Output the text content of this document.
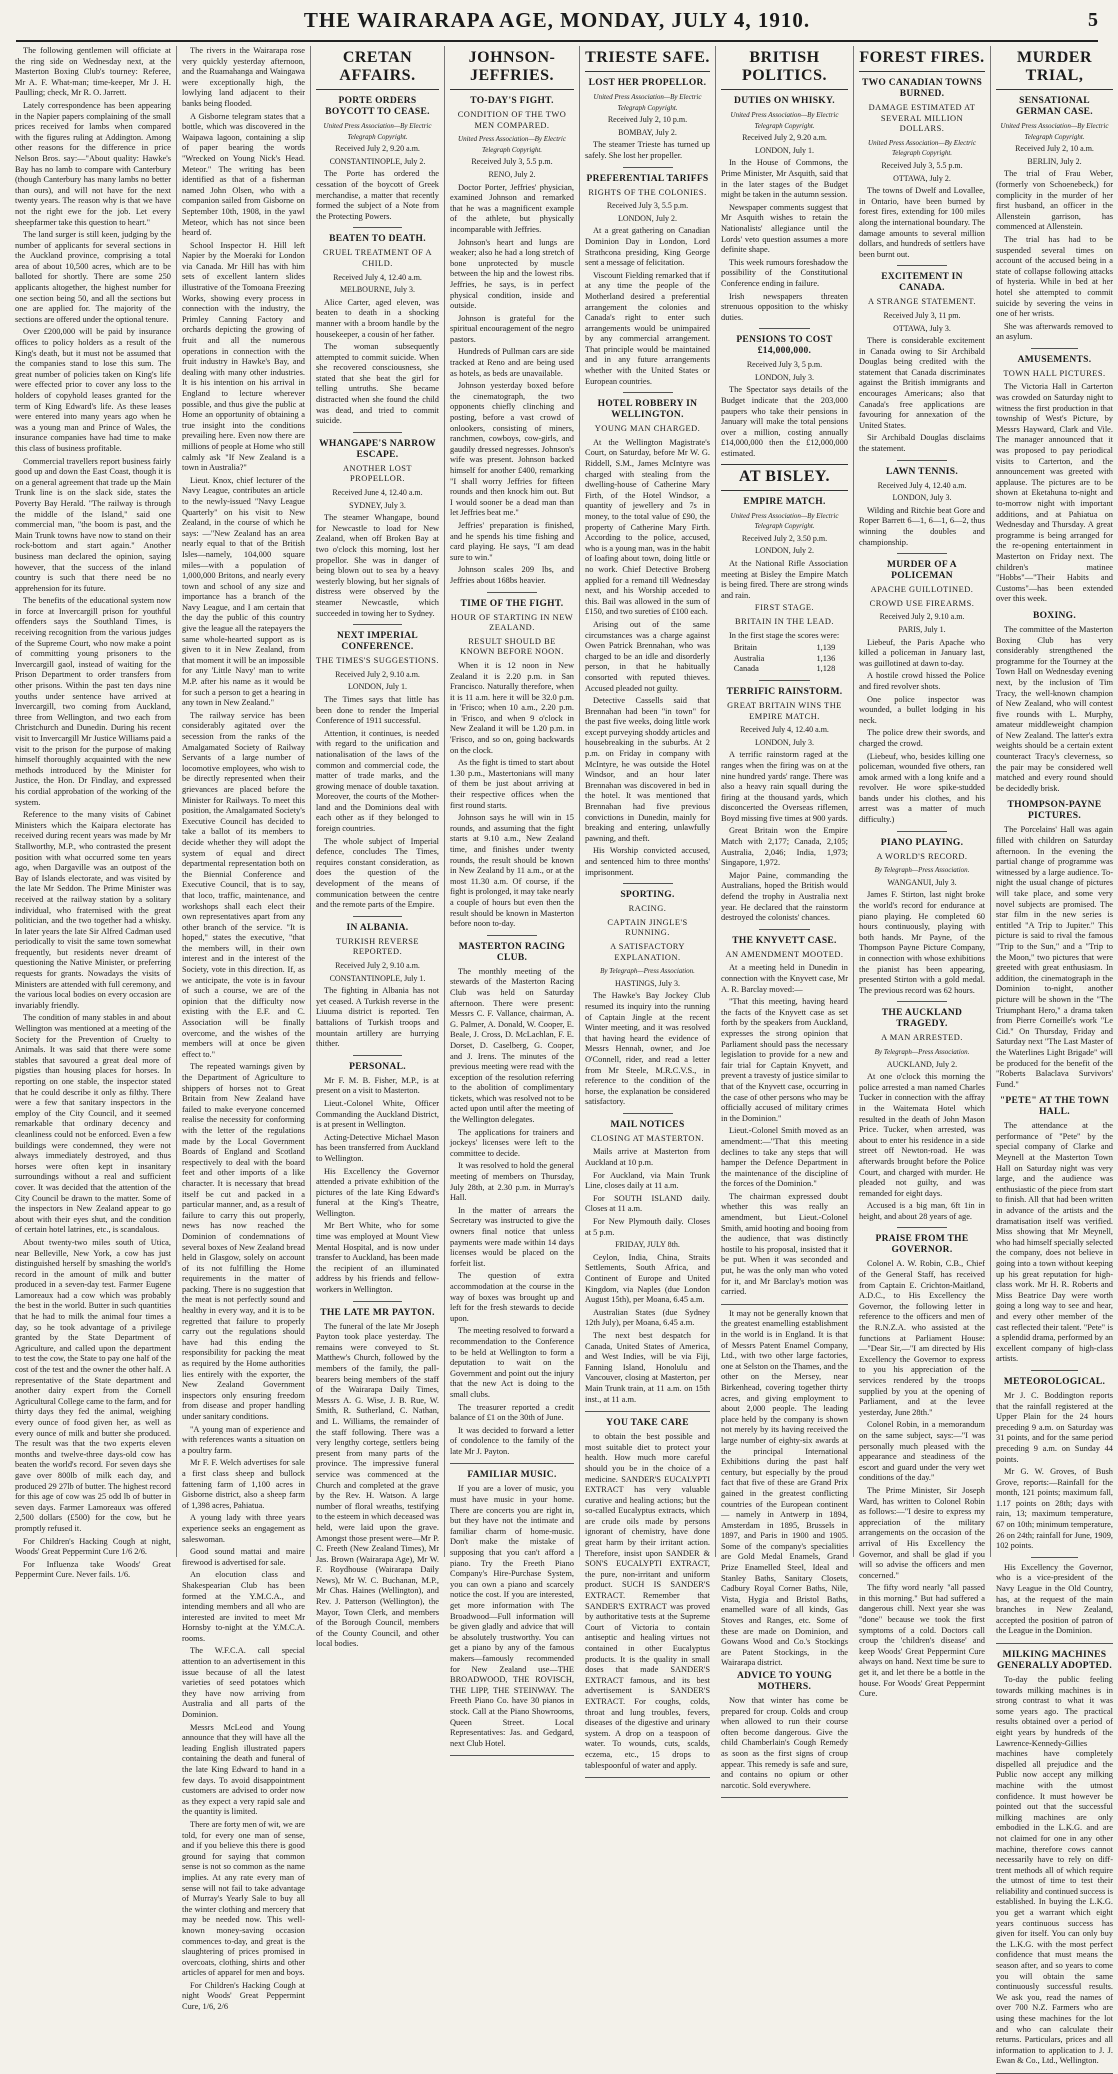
THE WAIRARAPA AGE, MONDAY, JULY 4, 1910.	5

The following gentlemen will officiate at the ring side on Wednesday next, at the Masterton Boxing Club's tourney: Referee, Mr A. F. What-man; time-keeper, Mr J. H. Paulling; check, Mr R. O. Jarrett.

Lately correspondence has been appearing in the Napier papers complaining of the small prices received for lambs when compared with the figures ruling at Addington. Among other reasons for the difference in price Nelson Bros. say:—"About quality: Hawke's Bay has no lamb to compare with Canterbury (though Canterbury has many lambs no better than ours), and will not have for the next twenty years. The reason why is that we have not the right ewe for the job. Let every sheepfarmer take this question to heart."

The land surger is still keen, judging by the number of applicants for several sections in the Auckland province, comprising a total area of about 10,500 acres, which are to be balloted for shortly. There are some 250 applicants altogether, the highest number for one section being 50, and all the sections but one are applied for. The majority of the sections are offered under the optional tenure.

Over £200,000 will be paid by insurance offices to policy holders as a result of the King's death, but it must not be assumed that the companies stand to lose this sum. The great number of policies taken on King's life were effected prior to cover any loss to the holders of copyhold leases granted for the term of King Edward's life. As these leases were entered into many years ago when he was a young man and Prince of Wales, the insurance companies have had time to make this class of business profitable.

Commercial travellers report business fairly good up and down the East Coast, though it is on a general agreement that trade up the Main Trunk line is on the slack side, states the Poverty Bay Herald. "The railway is through the middle of the Island," said one commercial man, "the boom is past, and the Main Trunk towns have now to stand on their rock-bottom and start again." Another business man declared the opinion, saying however, that the success of the inland country is such that there need be no apprehension for its future.

The benefits of the educational system now in force at Invercargill prison for youthful offenders says the Southland Times, is receiving recognition from the various judges of the Supreme Court, who now make a point of committing young prisoners to the Invercargill gaol, instead of waiting for the Prison Department to order transfers from other prisons. Within the past ten days nine youths under sentence have arrived at Invercargill, two coming from Auckland, three from Wellington, and two each from Christchurch and Dunedin. During his recent visit to Invercargill Mr Justice Williams paid a visit to the prison for the purpose of making himself thoroughly acquainted with the new methods introduced by the Minister for Justice, the Hon. Dr Findlay, and expressed his cordial approbation of the working of the system.

Reference to the many visits of Cabinet Ministers which the Kaipara electorate has received during recent years was made by Mr Stallworthy, M.P., who contrasted the present position with what occurred some ten years ago, when Dargaville was an outpost of the Bay of Islands electorate, and was visited by the late Mr Seddon. The Prime Minister was received at the railway station by a solitary individual, who fraternised with the great politician, and the two together had a whisky. In later years the late Sir Alfred Cadman used periodically to visit the same town somewhat frequently, but residents never dreamt of questioning the Native Minister, or preferring requests for grants. Nowadays the visits of Ministers are attended with full ceremony, and the various local bodies on every occasion are invariably friendly.

The condition of many stables in and about Wellington was mentioned at a meeting of the Society for the Prevention of Cruelty to Animals. It was said that there were some stables that savoured a great deal more of pigsties than housing places for horses. In reporting on one stable, the inspector stated that he could describe it only as filthy. There were a few that sanitary inspectors in the employ of the City Council, and it seemed remarkable that ordinary decency and cleanliness could not be enforced. Even a few buildings were condemned, they were not always immediately destroyed, and thus horses were often kept in insanitary surroundings without a real and sufficient cover. It was decided that the attention of the City Council be drawn to the matter. Some of the inspectors in New Zealand appear to go about with their eyes shut, and the condition of certain hotel latrines, etc., is scandalous.

About twenty-two miles south of Utica, near Belleville, New York, a cow has just distinguished herself by smashing the world's record in the amount of milk and butter produced in a seven-day test. Farmer Eugene Lamoreaux had a cow which was probably the best in the world. Butter in such quantities that he had to milk the animal four times a day, so he took advantage of a privilege granted by the State Department of Agriculture, and called upon the department to test the cow, the State to pay one half of the cost of the test and the owner the other half. A representative of the State department and another dairy expert from the Cornell Agricultural College came to the farm, and for thirty days they fed the animal, weighing every ounce of food given her, as well as every ounce of milk and butter she produced. The result was that the two experts eleven months and twelve-three days-old cow has beaten the world's record. For seven days she gave over 800lb of milk each day, and produced 29 27lb of butter. The highest record for this age of cow was 25 odd lb of butter in seven days. Farmer Lamoreaux was offered 2,500 dollars (£500) for the cow, but he promptly refused it.

For Children's Hacking Cough at night, Woods' Great Peppermint Cure 1/6 2/6.

For Influenza take Woods' Great Peppermint Cure. Never fails. 1/6.

The rivers in the Wairarapa rose very quickly yesterday afternoon, and the Ruamahanga and Waingawa were exceptionally high, the lowlying land adjacent to their banks being flooded.

A Gisborne telegram states that a bottle, which was discovered in the Waipawa lagoon, containing a slip of paper bearing the words "Wrecked on Young Nick's Head. Meteor." The writing has been identified as that of a fisherman named John Olsen, who with a companion sailed from Gisborne on September 10th, 1908, in the yawl Meteor, which has not since been heard of.

School Inspector H. Hill left Napier by the Moeraki for London via Canada. Mr Hill has with him sets of excellent lantern slides illustrative of the Tomoana Freezing Works, showing every process in connection with the industry, the Primley Canning Factory and orchards depicting the growing of fruit and all the numerous operations in connection with the fruit industry in Hawke's Bay, and dealing with many other industries. It is his intention on his arrival in England to lecture wherever possible, and thus give the public at Home an opportunity of obtaining a true insight into the conditions prevailing here. Even now there are millions of people at Home who still calmly ask "If New Zealand is a town in Australia?"

Lieut. Knox, chief lecturer of the Navy League, contributes an article to the newly-issued "Navy League Quarterly" on his visit to New Zealand, in the course of which he says: —"New Zealand has an area nearly equal to that of the British Isles—namely, 104,000 square miles—with a population of 1,000,000 Britons, and nearly every town and school of any size and importance has a branch of the Navy League, and I am certain that the day the public of this country give the league all the ratepayers the same whole-hearted support as is given to it in New Zealand, from that moment it will be an impossible for any 'Little Navy' man to write M.P. after his name as it would be for such a person to get a hearing in any town in New Zealand."

The railway service has been considerably agitated over the secession from the ranks of the Amalgamated Society of Railway Servants of a large number of locomotive employees, who wish to be directly represented when their grievances are placed before the Minister for Railways. To meet this position, the Amalgamated Society's Executive Council has decided to take a ballot of its members to decide whether they will adopt the system of equal and direct departmental representation both on the Biennial Conference and Executive Council, that is to say, that loco, traffic, maintenance, and workshops shall each elect their own representatives apart from any other branch of the service. "It is hoped," states the executive, "that the members will, in their own interest and in the interest of the Society, vote in this direction. If, as we anticipate, the vote is in favour of such a course, we are of the opinion that the difficulty now existing with the E.F. and C. Association will be finally overcome, and the wishes of the members will at once be given effect to."

The repeated warnings given by the Department of Agriculture to shippers of horses not to Great Britain from New Zealand have failed to make everyone concerned realise the necessity for conforming with the letter of the regulations made by the Local Government Boards of England and Scotland respectively to deal with the board feet and other imports of a like character. It is necessary that bread itself be cut and packed in a particular manner, and, as a result of failure to carry this out properly, news has now reached the Dominion of condemnations of several boxes of New Zealand bread held in Glasgow, solely on account of its not fulfilling the Home requirements in the matter of packing. There is no suggestion that the meat is not perfectly sound and healthy in every way, and it is to be regretted that failure to properly carry out the regulations should have had this ending the responsibility for packing the meat as required by the Home authorities lies entirely with the exporter, the New Zealand Government inspectors only ensuring freedom from disease and proper handling under sanitary conditions.

"A young man of experience and with references wants a situation on a poultry farm.

Mr F. F. Welch advertises for sale a first class sheep and bullock fattening farm of 1,100 acres in Gisborne district, also a sheep farm of 1,398 acres, Pahiatua.

A young lady with three years experience seeks an engagement as saleswoman.

Good sound mattai and maire firewood is advertised for sale.

An elocution class and Shakespearian Club has been formed at the Y.M.C.A., and intending members and all who are interested are invited to meet Mr Hornsby to-night at the Y.M.C.A. rooms.

The W.F.C.A. call special attention to an advertisement in this issue because of all the latest varieties of seed potatoes which they have now arriving from Australia and all parts of the Dominion.

Messrs McLeod and Young announce that they will have all the leading English illustrated papers containing the death and funeral of the late King Edward to hand in a few days. To avoid disappointment customers are advised to order now as they expect a very rapid sale and the quantity is limited.

There are forty men of wit, we are told, for every one man of sense, and if you believe this there is good ground for saying that common sense is not so common as the name implies. At any rate every man of sense will not fail to take advantage of Murray's Yearly Sale to buy all the winter clothing and mercery that may be needed now. This well-known money-saving occasion commences to-day, and great is the slaughtering of prices promised in overcoats, clothing, shirts and other articles of apparel for men and boys.

For Children's Hacking Cough at night Woods' Great Peppermint Cure, 1/6, 2/6

CRETAN AFFAIRS.
PORTE ORDERS BOYCOTT TO CEASE.

United Press Association—By Electric Telegraph Copyright.

Received July 2, 9.20 a.m.

CONSTANTINOPLE, July 2.

The Porte has ordered the cessation of the boycott of Greek merchandise, a matter that recently formed the subject of a Note from the Protecting Powers.

BEATEN TO DEATH.
CRUEL TREATMENT OF A CHILD.

Received July 4, 12.40 a.m.

MELBOURNE, July 3.

Alice Carter, aged eleven, was beaten to death in a shocking manner with a broom handle by the housekeeper, a cousin of her father.

The woman subsequently attempted to commit suicide. When she recovered consciousness, she stated that she beat the girl for telling untruths. She became distracted when she found the child was dead, and tried to commit suicide.

WHANGAPE'S NARROW ESCAPE.
ANOTHER LOST PROPELLOR.

Received June 4, 12.40 a.m.

SYDNEY, July 3.

The steamer Whangape, bound for Newcastle to load for New Zealand, when off Broken Bay at two o'clock this morning, lost her propellor. She was in danger of being blown out to sea by a heavy westerly blowing, but her signals of distress were observed by the steamer Newcastle, which succeeded in towing her to Sydney.

NEXT IMPERIAL CONFERENCE.
THE TIMES'S SUGGESTIONS.

Received July 2, 9.10 a.m.

LONDON, July 1.

The Times says that little has been done to render the Imperial Conference of 1911 successful.

Attention, it continues, is needed with regard to the unification and nationalisation of the laws of the common and commercial code, the matter of trade marks, and the growing menace of double taxation. Moreover, the courts of the Mother-land and the Dominions deal with each other as if they belonged to foreign countries.

The whole subject of Imperial defence, concludes The Times, requires constant consideration, as does the question of the development of the means of communication between the centre and the remote parts of the Empire.

IN ALBANIA.
TURKISH REVERSE REPORTED.

Received July 2, 9.10 a.m.

CONSTANTINOPLE, July 1.

The fighting in Albania has not yet ceased. A Turkish reverse in the Liuuma district is reported. Ten battalions of Turkish troops and mountain artillery are hurrying thither.

PERSONAL.

Mr F. M. B. Fisher, M.P., is at present on a visit to Masterton.

Lieut.-Colonel White, Officer Commanding the Auckland District, is at present in Wellington.

Acting-Detective Michael Mason has been transferred from Auckland to Wellington.

His Excellency the Governor attended a private exhibition of the pictures of the late King Edward's funeral at the King's Theatre, Wellington.

Mr Bert White, who for some time was employed at Mount View Mental Hospital, and is now under transfer to Auckland, has been made the recipient of an illuminated address by his friends and fellow-workers in Wellington.

THE LATE MR PAYTON.

The funeral of the late Mr Joseph Payton took place yesterday. The remains were conveyed to St. Matthew's Church, followed by the members of the family, the pall-bearers being members of the staff of the Wairarapa Daily Times, Messrs A. G. Wise, J. B. Rue, W. Smith, R. Sutherland, C. Nathan, and L. Williams, the remainder of the staff following. There was a very lengthy cortege, settlers being present from many parts of the province. The impressive funeral service was commenced at the Church and completed at the grave by the Rev. H. Watson. A large number of floral wreaths, testifying to the esteem in which deceased was held, were laid upon the grave. Amongst those present were—Mr P. C. Freeth (New Zealand Times), Mr Jas. Brown (Wairarapa Age), Mr W. F. Roydhouse (Wairarapa Daily News), Mr W. C. Buchanan, M.P., Mr Chas. Haines (Wellington), and Rev. J. Patterson (Wellington), the Mayor, Town Clerk, and members of the Borough Council, members of the County Council, and other local bodies.

JOHNSON-JEFFRIES.
TO-DAY'S FIGHT.
CONDITION OF THE TWO MEN COMPARED.

United Press Association—By Electric Telegraph Copyright.

Received July 3, 5.5 p.m.

RENO, July 2.

Doctor Porter, Jeffries' physician, examined Johnson and remarked that he was a magnificent example of the athlete, but physically incomparable with Jeffries.

Johnson's heart and lungs are weaker; also he had a long stretch of bone unprotected by muscle between the hip and the lowest ribs. Jeffries, he says, is in perfect physical condition, inside and outside.

Johnson is grateful for the spiritual encouragement of the negro pastors.

Hundreds of Pullman cars are side tracked at Reno and are being used as hotels, as beds are unavailable.

Johnson yesterday boxed before the cinematograph, the two opponents chiefly clinching and posting, before a vast crowd of onlookers, consisting of miners, ranchmen, cowboys, cow-girls, and gaudily dressed negresses. Johnson's wife was present. Johnson backed himself for another £400, remarking "I shall worry Jeffries for fifteen rounds and then knock him out. But I would sooner be a dead man than let Jeffries beat me."

Jeffries' preparation is finished, and he spends his time fishing and card playing. He says, "I am dead sure to win."

Johnson scales 209 lbs, and Jeffries about 168bs heavier.

TIME OF THE FIGHT.
HOUR OF STARTING IN NEW ZEALAND.
RESULT SHOULD BE KNOWN BEFORE NOON.

When it is 12 noon in New Zealand it is 2.20 p.m. in San Francisco. Naturally therefore, when it is 11 a.m. here it will be 32.0 p.m. in 'Frisco; when 10 a.m., 2.20 p.m. in 'Frisco, and when 9 o'clock in New Zealand it will be 1.20 p.m. in 'Frisco, and so on, going backwards on the clock.

As the fight is timed to start about 1.30 p.m., Mastertonians will many of them be just about arriving at their respective offices when the first round starts.

Johnson says he will win in 15 rounds, and assuming that the fight starts at 9.10 a.m., New Zealand time, and finishes under twenty rounds, the result should be known in New Zealand by 11 a.m., or at the most 11.30 a.m. Of course, if the fight is prolonged, it may take nearly a couple of hours but even then the result should be known in Masterton before noon to-day.

MASTERTON RACING CLUB.

The monthly meeting of the stewards of the Masterton Racing Club was held on Saturday afternoon. There were present: Messrs C. F. Vallance, chairman, A. G. Palmer, A. Donald, W. Cooper, E. Beale, J. Cross, D. McLachlan, F. E. Dorset, D. Caselberg, G. Cooper, and J. Irens. The minutes of the previous meeting were read with the exception of the resolution referring to the abolition of complimentary tickets, which was resolved not to be acted upon until after the meeting of the Wellington delegates.

The applications for trainers and jockeys' licenses were left to the committee to decide.

It was resolved to hold the general meeting of members on Thursday, July 28th, at 2.30 p.m. in Murray's Hall.

In the matter of arrears the Secretary was instructed to give the owners final notice that unless payments were made within 14 days licenses would be placed on the forfeit list.

The question of extra accommodation at the course in the way of boxes was brought up and left for the fresh stewards to decide upon.

The meeting resolved to forward a recommendation to the Conference to be held at Wellington to form a deputation to wait on the Government and point out the injury that the new Act is doing to the small clubs.

The treasurer reported a credit balance of £1 on the 30th of June.

It was decided to forward a letter of condolence to the family of the late Mr J. Payton.

FAMILIAR MUSIC.

If you are a lover of music, you must have music in your home. There are concerts you are right in, but they have not the intimate and familiar charm of home-music. Don't make the mistake of supposing that you can't afford a piano. Try the Freeth Piano Company's Hire-Purchase System, you can own a piano and scarcely notice the cost. If you are interested, get more information with The Broadwood—Full information will be given gladly and advice that will be absolutely trustworthy. You can get a piano by any of the famous makers—famously recommended for New Zealand use—THE BROADWOOD, THE ROVISCH, THE LIPP, THE STEINWAY. The Freeth Piano Co. have 30 pianos in stock. Call at the Piano Showrooms, Queen Street. Local Representatives: Jas. and Gedgard, next Club Hotel.

TRIESTE SAFE.
LOST HER PROPELLOR.

United Press Association—By Electric Telegraph Copyright.

Received July 2, 10 p.m.

BOMBAY, July 2.

The steamer Trieste has turned up safely. She lost her propeller.

PREFERENTIAL TARIFFS
RIGHTS OF THE COLONIES.

Received July 3, 5.5 p.m.

LONDON, July 2.

At a great gathering on Canadian Dominion Day in London, Lord Strathcona presiding, King George sent a message of felicitation.

Viscount Fielding remarked that if at any time the people of the Motherland desired a preferential arrangement the colonies and Canada's right to enter such arrangements would be unimpaired by any commercial arrangement. That principle would be maintained and in any future arrangements whether with the United States or European countries.

HOTEL ROBBERY IN WELLINGTON.
YOUNG MAN CHARGED.

At the Wellington Magistrate's Court, on Saturday, before Mr W. G. Riddell, S.M., James McIntyre was charged with stealing from the dwelling-house of Catherine Mary Firth, of the Hotel Windsor, a quantity of jewellery and 7s in money, to the total value of £90, the property of Catherine Mary Firth. According to the police, accused, who is a young man, was in the habit of loafing about town, doing little or no work. Chief Detective Broberg applied for a remand till Wednesday next, and his Worship acceded to this. Bail was allowed in the sum of £150, and two sureties of £100 each.

Arising out of the same circumstances was a charge against Owen Patrick Brennahan, who was charged to be an idle and disorderly person, in that he habitually consorted with reputed thieves. Accused pleaded not guilty.

Detective Cassells said that Brennahan had been "in town" for the past five weeks, doing little work except purveying shoddy articles and housebreaking in the suburbs. At 2 p.m. on Friday in company with McIntyre, he was outside the Hotel Windsor, and an hour later Brennahan was discovered in bed in the hotel. It was mentioned that Brennahan had five previous convictions in Dunedin, mainly for breaking and entering, unlawfully pawning, and theft.

His Worship convicted accused, and sentenced him to three months' imprisonment.

SPORTING.
RACING.
CAPTAIN JINGLE'S RUNNING.
A SATISFACTORY EXPLANATION.

By Telegraph—Press Association.

HASTINGS, July 3.

The Hawke's Bay Jockey Club resumed its inquiry into the running of Captain Jingle at the recent Winter meeting, and it was resolved that having heard the evidence of Messrs Hennah, owner, and Joe O'Connell, rider, and read a letter from Mr Steele, M.R.C.V.S., in reference to the condition of the horse, the explanation be considered satisfactory.

MAIL NOTICES
CLOSING AT MASTERTON.

Mails arrive at Masterton from Auckland at 10 p.m.

For Auckland, via Main Trunk Line, closes daily at 11 a.m.

For SOUTH ISLAND daily. Closes at 11 a.m.

For New Plymouth daily. Closes at 5 p.m.

FRIDAY, JULY 8th.

Ceylon, India, China, Straits Settlements, South Africa, and Continent of Europe and United Kingdom, via Naples (due London August 15th), per Moana, 6.45 a.m.

Australian States (due Sydney 12th July), per Moana, 6.45 a.m.

The next best despatch for Canada, United States of America, and West Indies, will be via Fiji, Fanning Island, Honolulu and Vancouver, closing at Masterton, per Main Trunk train, at 11 a.m. on 15th inst., at 11 a.m.

YOU TAKE CARE

to obtain the best possible and most suitable diet to protect your health. How much more careful should you be in the choice of a medicine. SANDER'S EUCALYPTI EXTRACT has very valuable curative and healing actions; but the so-called Eucalyptus extracts, which are crude oils made by persons ignorant of chemistry, have done great harm by their irritant action. Therefore, insist upon SANDER & SON'S EUCALYPTI EXTRACT, the pure, non-irritant and uniform product. SUCH IS SANDER'S EXTRACT. Remember that SANDER'S EXTRACT was proved by authoritative tests at the Supreme Court of Victoria to contain antiseptic and healing virtues not contained in other Eucalyptus products. It is the quality in small doses that made SANDER'S EXTRACT famous, and its best advertisement is SANDER'S EXTRACT. For coughs, colds, throat and lung troubles, fevers, diseases of the digestive and urinary system. A drop on a teaspoon of water. To wounds, cuts, scalds, eczema, etc., 15 drops to tablespoonful of water and apply.

BRITISH POLITICS.
DUTIES ON WHISKY.

United Press Association—By Electric Telegraph Copyright.

Received July 2, 9.20 a.m.

LONDON, July 1.

In the House of Commons, the Prime Minister, Mr Asquith, said that in the later stages of the Budget might be taken in the autumn session.

Newspaper comments suggest that Mr Asquith wishes to retain the Nationalists' allegiance until the Lords' veto question assumes a more definite shape.

This week rumours foreshadow the possibility of the Constitutional Conference ending in failure.

Irish newspapers threaten strenuous opposition to the whisky duties.

PENSIONS TO COST £14,000,000.

Received July 3, 5 p.m.

LONDON, July 3.

The Spectator says details of the Budget indicate that the 203,000 paupers who take their pensions in January will make the total pensions over a million, costing annually £14,000,000 then the £12,000,000 estimated.

AT BISLEY.
EMPIRE MATCH.

United Press Association—By Electric Telegraph Copyright.

Received July 2, 3.50 p.m.

LONDON, July 2.

At the National Rifle Association meeting at Bisley the Empire Match is being fired. There are strong winds and rain.

FIRST STAGE.
BRITAIN IN THE LEAD.

In the first stage the scores were:

Britain	1,139
Australia	1,136
Canada	1,128
TERRIFIC RAINSTORM.
GREAT BRITAIN WINS THE EMPIRE MATCH.

Received July 4, 12.40 a.m.

LONDON, July 3.

A terrific rainstorm raged at the ranges when the firing was on at the nine hundred yards' range. There was also a heavy rain squall during the firing at the thousand yards, which disconcerted the Overseas riflemen, Boyd missing five times at 900 yards.

Great Britain won the Empire Match with 2,177; Canada, 2,105; Australia, 2,046; India, 1,973; Singapore, 1,972.

Major Paine, commanding the Australians, hoped the British would defend the trophy in Australia next year. He declared that the rainstorm destroyed the colonists' chances.

THE KNYVETT CASE.
AN AMENDMENT MOOTED.

At a meeting held in Dunedin in connection with the Knyvett case, Mr A. R. Barclay moved:—

"That this meeting, having heard the facts of the Knyvett case as set forth by the speakers from Auckland, expresses the strong opinion that Parliament should pass the necessary legislation to provide for a new and fair trial for Captain Knyvett, and prevent a travesty of justice similar to that of the Knyvett case, occurring in the case of other persons who may be officially accused of military crimes in the Dominion."

Lieut.-Colonel Smith moved as an amendment:—"That this meeting declines to take any steps that will hamper the Defence Department in the maintenance of the discipline of the forces of the Dominion."

The chairman expressed doubt whether this was really an amendment, but Lieut.-Colonel Smith, amid hooting and booing from the audience, that was distinctly hostile to his proposal, insisted that it be put. When it was seconded and put, he was the only man who voted for it, and Mr Barclay's motion was carried.

It may not be generally known that the greatest enamelling establishment in the world is in England. It is that of Messrs Patent Enamel Company, Ltd., with two other large factories, one at Selston on the Thames, and the other on the Mersey, near Birkenhead, covering together thirty acres, and giving employment to about 2,000 people. The leading place held by the company is shown not merely by its having received the large number of eighty-six awards at the principal International Exhibitions during the past half century, but especially by the proud fact that five of these are Grand Prix gained in the greatest conflicting countries of the European continent — namely in Antwerp in 1894, Amsterdam in 1895, Brussels in 1897, and Paris in 1900 and 1905. Some of the company's specialities are Gold Medal Enamels, Grand Prize Enamelled Steel, Ideal and Stanley Baths, Sanitary Closets, Cadbury Royal Corner Baths, Nile, Vista, Hygia and Bristol Baths, enamelled ware of all kinds, Gas Stoves and Ranges, etc. Some of these are made on Dominion, and Gowans Wood and Co.'s Stockings are Patent Stockings, in the Wairarapa district.

ADVICE TO YOUNG MOTHERS.

Now that winter has come be prepared for croup. Colds and croup when allowed to run their course often become dangerous. Give the child Chamberlain's Cough Remedy as soon as the first signs of croup appear. This remedy is safe and sure, and contains no opium or other narcotic. Sold everywhere.

FOREST FIRES.
TWO CANADIAN TOWNS BURNED.
DAMAGE ESTIMATED AT SEVERAL MILLION DOLLARS.

United Press Association—By Electric Telegraph Copyright.

Received July 3, 5.5 p.m.

OTTAWA, July 2.

The towns of Dwelf and Lovallee, in Ontario, have been burned by forest fires, extending for 100 miles along the international boundary. The damage amounts to several million dollars, and hundreds of settlers have been burnt out.

EXCITEMENT IN CANADA.
A STRANGE STATEMENT.

Received July 3, 11 pm.

OTTAWA, July 3.

There is considerable excitement in Canada owing to Sir Archibald Douglas being credited with the statement that Canada discriminates against the British immigrants and encourages Americans; also that Canada's free applications are favouring for annexation of the United States.

Sir Archibald Douglas disclaims the statement.

LAWN TENNIS.

Received July 4, 12.40 a.m.

LONDON, July 3.

Wilding and Ritchie beat Gore and Roper Barrett 6—1, 6—1, 6—2, thus winning the doubles and championship.

MURDER OF A POLICEMAN
APACHE GUILLOTINED.
CROWD USE FIREARMS.

Received July 2, 9.10 a.m.

PARIS, July 1.

Liebeuf, the Paris Apache who killed a policeman in January last, was guillotined at dawn to-day.

A hostile crowd hissed the Police and fired revolver shots.

One police inspector was wounded, a bullet lodging in his neck.

The police drew their swords, and charged the crowd.

(Liebeuf, who, besides killing one policeman, wounded five others, ran amok armed with a long knife and a revolver. He wore spike-studded bands under his clothes, and his arrest was a matter of much difficulty.)

PIANO PLAYING.
A WORLD'S RECORD.

By Telegraph—Press Association.

WANGANUI, July 3.

James F. Stirton, last night broke the world's record for endurance at piano playing. He completed 60 hours continuously, playing with both hands. Mr Payne, of the Thompson Payne Picture Company, in connection with whose exhibitions the pianist has been appearing, presented Stirton with a gold medal. The previous record was 62 hours.

THE AUCKLAND TRAGEDY.
A MAN ARRESTED.

By Telegraph—Press Association.

AUCKLAND, July 2.

At one o'clock this morning the police arrested a man named Charles Tucker in connection with the affray in the Waitemata Hotel which resulted in the death of John Mason Price. Tucker, when arrested, was about to enter his residence in a side street off Newton-road. He was afterwards brought before the Police Court, and charged with murder. He pleaded not guilty, and was remanded for eight days.

Accused is a big man, 6ft 1in in height, and about 28 years of age.

PRAISE FROM THE GOVERNOR.

Colonel A. W. Robin, C.B., Chief of the General Staff, has received from Captain E. Crichton-Maitland, A.D.C., to His Excellency the Governor, the following letter in reference to the officers and men of the R.N.Z.A. who assisted at the functions at Parliament House:—"Dear Sir,—"I am directed by His Excellency the Governor to express to you his appreciation of the services rendered by the troops supplied by you at the opening of Parliament, and at the levee yesterday, June 28th."

Colonel Robin, in a memorandum on the same subject, says:—"I was personally much pleased with the appearance and steadiness of the escort and guard under the very wet conditions of the day."

The Prime Minister, Sir Joseph Ward, has written to Colonel Robin as follows:—"I desire to express my appreciation of the military arrangements on the occasion of the arrival of His Excellency the Governor, and shall be glad if you will so advise the officers and men concerned."

The fifty word nearly "all passed in this morning." But had suffered a dangerous chill. Next year she was "done" because we took the first symptoms of a cold. Doctors call croup the 'children's disease' and keep Woods' Great Peppermint Cure always on hand. Next time be sure to get it, and let there be a bottle in the house. For Woods' Great Peppermint Cure.

MURDER TRIAL,
SENSATIONAL GERMAN CASE.

United Press Association—By Electric Telegraph Copyright.

Received July 2, 10 a.m.

BERLIN, July 2.

The trial of Frau Weber, (formerly von Schoenebeck,) for complicity in the murder of her first husband, an officer in the Allenstein garrison, has commenced at Allenstein.

The trial has had to be suspended several times on account of the accused being in a state of collapse following attacks of hysteria. While in bed at her hotel she attempted to commit suicide by severing the veins in one of her wrists.

She was afterwards removed to an asylum.

AMUSEMENTS.
TOWN HALL PICTURES.

The Victoria Hall in Carterton was crowded on Saturday night to witness the first production in that township of West's Picture, by Messrs Hayward, Clark and Vile. The manager announced that it was proposed to pay periodical visits to Carterton, and the announcement was greeted with applause. The pictures are to be shown at Eketahuna to-night and to-morrow night with important additions, and at Pahiatua on Wednesday and Thursday. A great programme is being arranged for the re-opening entertainment in Masterton on Friday next. The children's matinee "Hobbs"—"Their Habits and Customs"—has been extended over this week.

BOXING.

The committee of the Masterton Boxing Club has very considerably strengthened the programme for the Tourney at the Town Hall on Wednesday evening next, by the inclusion of Tim Tracy, the well-known champion of New Zealand, who will contest five rounds with L. Murphy, amateur middleweight champion of New Zealand. The latter's extra weights should be a certain extent counteract Tracy's cleverness, so the pair may be considered well matched and every round should be decidedly brisk.

THOMPSON-PAYNE PICTURES.

The Porcelains' Hall was again filled with children on Saturday afternoon. In the evening the partial change of programme was witnessed by a large audience. To-night the usual change of pictures will take place, and some very novel subjects are promised. The star film in the new series is entitled "A Trip to Jupiter." This picture is said to rival the famous "Trip to the Sun," and a "Trip to the Moon," two pictures that were greeted with great enthusiasm. In addition, the cinematograph in the Dominion to-night, another picture will be shown in the "The Triumphant Hero," a drama taken from Pierre Corneille's work "Le Cid." On Thursday, Friday and Saturday next "The Last Master of the Waterlines Light Brigade" will be produced for the benefit of the "Roberts Balaclava Survivors' Fund."

"PETE" AT THE TOWN HALL.

The attendance at the performance of "Pete" by the special company of Clarke and Meynell at the Masterton Town Hall on Saturday night was very large, and the audience was enthusiastic of the piece from start to finish. All that had been written in advance of the artists and the dramatisation itself was verified. Miss showing that Mr Meynell, who had himself specially selected the company, does not believe in going into a town without keeping up his great reputation for high-class work. Mr H. R. Roberts and Miss Beatrice Day were worth going a long way to see and hear, and every other member of the cast reflected their talent. "Pete" is a splendid drama, performed by an excellent company of high-class artists.

METEOROLOGICAL.

Mr J. C. Boddington reports that the rainfall registered at the Upper Plain for the 24 hours preceding 9 a.m. on Saturday was 31 points, and for the same period preceding 9 a.m. on Sunday 44 points.

Mr G. W. Groves, of Bush Grove, reports:—Rainfall for the month, 121 points; maximum fall, 1.17 points on 28th; days with rain, 13; maximum temperature, 67 on 10th; minimum temperature, 26 on 24th; rainfall for June, 1909, 102 points.

His Excellency the Governor, who is a vice-president of the Navy League in the Old Country, has, at the request of the main branches in New Zealand, accepted the position of patron of the League in the Dominion.

MILKING MACHINES GENERALLY ADOPTED.

To-day the public feeling towards milking machines is in strong contrast to what it was some years ago. The practical results obtained over a period of eight years by hundreds of the Lawrence-Kennedy-Gillies machines have completely dispelled all prejudice and the Public now accept any milking machine with the utmost confidence. It must however be pointed out that the successful milking machines are only embodied in the L.K.G. and are not claimed for one in any other machine, therefore cows cannot necessarily have to rely on diff-trent methods all of which require the utmost of time to test their reliability and continued success is established. In buying the L.K.G. you get a warrant which eight years continuous success has given for itself. You can only buy the L.K.G. with the most perfect confidence that must means the season after, and so years to come you will obtain the same continuously successful results. We ask you, read the names of over 700 N.Z. Farmers who are using these machines for the lot and who can calculate their returns. Particulars, prices and all information to application to J. J. Ewan & Co., Ltd., Wellington.
